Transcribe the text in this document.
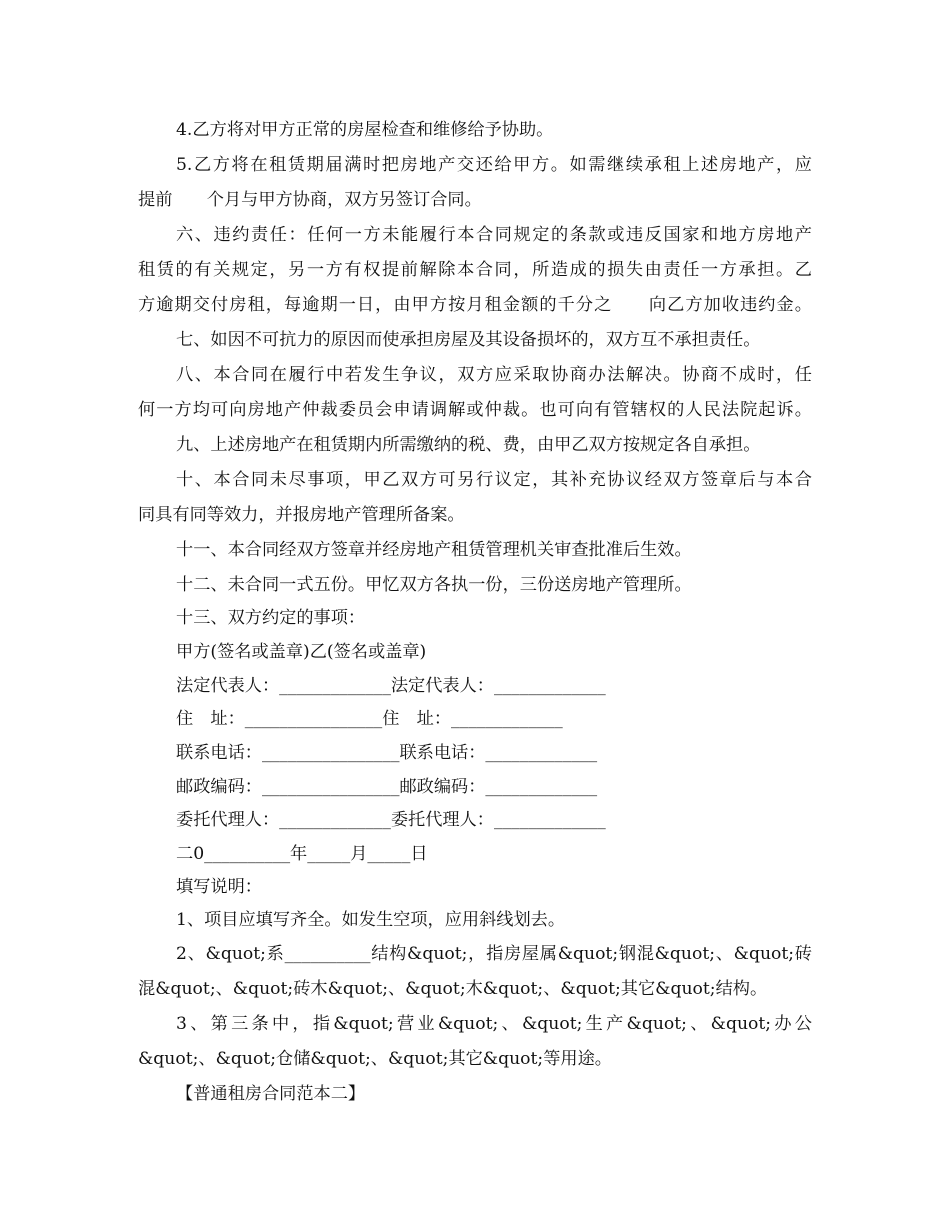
4.乙方将对甲方正常的房屋检查和维修给予协助。

5.乙方将在租赁期届满时把房地产交还给甲方。如需继续承租上述房地产，应

提前　　个月与甲方协商，双方另签订合同。

六、违约责任：任何一方未能履行本合同规定的条款或违反国家和地方房地产

租赁的有关规定，另一方有权提前解除本合同，所造成的损失由责任一方承担。乙

方逾期交付房租，每逾期一日，由甲方按月租金额的千分之　　向乙方加收违约金。

七、如因不可抗力的原因而使承担房屋及其设备损坏的，双方互不承担责任。

八、本合同在履行中若发生争议，双方应采取协商办法解决。协商不成时，任

何一方均可向房地产仲裁委员会申请调解或仲裁。也可向有管辖权的人民法院起诉。

九、上述房地产在租赁期内所需缴纳的税、费，由甲乙双方按规定各自承担。

十、本合同未尽事项，甲乙双方可另行议定，其补充协议经双方签章后与本合

同具有同等效力，并报房地产管理所备案。

十一、本合同经双方签章并经房地产租赁管理机关审查批准后生效。

十二、未合同一式五份。甲忆双方各执一份，三份送房地产管理所。

十三、双方约定的事项：

甲方(签名或盖章)乙(签名或盖章)

法定代表人：_____________法定代表人：_____________

住　址：________________住　址：_____________

联系电话：________________联系电话：_____________

邮政编码：________________邮政编码：_____________

委托代理人：_____________委托代理人：_____________

二0__________年_____月_____日

填写说明：

1、项目应填写齐全。如发生空项，应用斜线划去。

2、&quot;系__________结构&quot;，指房屋属&quot;钢混&quot;、&quot;砖

混&quot;、&quot;砖木&quot;、&quot;木&quot;、&quot;其它&quot;结构。

3、第三条中，指&quot;营业&quot;、&quot;生产&quot;、&quot;办公

&quot;、&quot;仓储&quot;、&quot;其它&quot;等用途。

【普通租房合同范本二】
